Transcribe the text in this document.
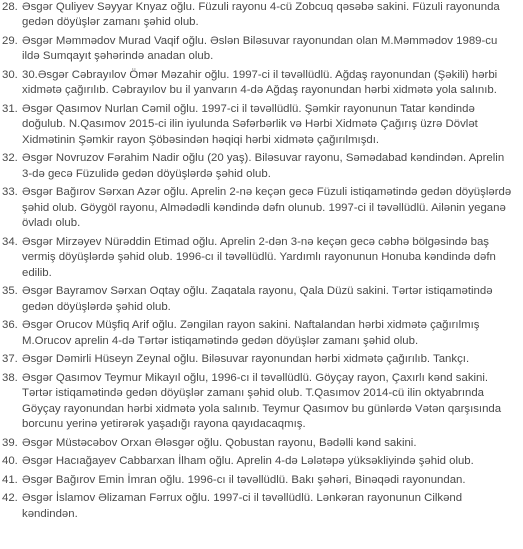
28. Əsgər Quliyev Səyyar Knyaz oğlu. Füzuli rayonu 4-cü Zobcuq qəsəbə sakini. Füzuli rayonunda gedən döyüşlər zamanı şəhid olub.
29. Əsgər Məmmədov Murad Vaqif oğlu. Əslən Biləsuvar rayonundan olan M.Məmmədov 1989-cu ildə Sumqayıt şəhərində anadan olub.
30. 30.Əsgər Cəbrayılov Ömər Məzahir oğlu. 1997-ci il təvəllüdlü. Ağdaş rayonundan (Şəkili) hərbi xidmətə çağırılıb. Cəbrayılov bu il yanvarın 4-də Ağdaş rayonundan hərbi xidmətə yola salınıb.
31. Əsgər Qasımov Nurlan Cəmil oğlu. 1997-ci il təvəllüdlü. Şəmkir rayonunun Tatar kəndində doğulub. N.Qasımov 2015-ci ilin iyulunda Səfərbərlik və Hərbi Xidmətə Çağırış üzrə Dövlət Xidmətinin Şəmkir rayon Şöbəsindən həqiqi hərbi xidmətə çağırılmışdı.
32. Əsgər Novruzov Fərahim Nadir oğlu (20 yaş). Biləsuvar rayonu, Səmədabad kəndindən. Aprelin 3-də gecə Füzulidə gedən döyüşlərdə şəhid olub.
33. Əsgər Bağırov Sərxan Azər oğlu. Aprelin 2-nə keçən gecə Füzuli istiqamətində gedən döyüşlərdə şəhid olub. Göygöl rayonu, Almədədli kəndində dəfn olunub. 1997-ci il təvəllüdlü. Ailənin yeganə övladı olub.
34. Əsgər Mirzəyev Nürəddin Etimad oğlu. Aprelin 2-dən 3-nə keçən gecə cəbhə bölgəsində baş vermiş döyüşlərdə şəhid olub. 1996-cı il təvəllüdlü. Yardımlı rayonunun Honuba kəndində dəfn edilib.
35. Əsgər Bayramov Sərxan Oqtay oğlu. Zaqatala rayonu, Qala Düzü sakini. Tərtər istiqamətində gedən döyüşlərdə şəhid olub.
36. Əsgər Orucov Müşfiq Arif oğlu. Zəngilan rayon sakini. Naftalandan hərbi xidmətə çağırılmış M.Orucov aprelin 4-də Tərtər istiqamətində gedən döyüşlər zamanı şəhid olub.
37. Əsgər Dəmirli Hüseyn Zeynal oğlu. Biləsuvar rayonundan hərbi xidmətə çağırılıb. Tankçı.
38. Əsgər Qasımov Teymur Mikayıl oğlu, 1996-cı il təvəllüdlü. Göyçay rayon, Çaxırlı kənd sakini. Tərtər istiqamətində gedən döyüşlər zamanı şəhid olub. T.Qasımov 2014-cü ilin oktyabrında Göyçay rayonundan hərbi xidmətə yola salınıb. Teymur Qasımov bu günlərdə Vətən qarşısında borcunu yerinə yetirərək yaşadığı rayona qayıdacaqmış.
39. Əsgər Müstəcəbov Orxan Ələsgər oğlu. Qobustan rayonu, Bədəlli kənd sakini.
40. Əsgər Hacıağayev Cabbarxan İlham oğlu. Aprelin 4-də Lələtəpə yüksəkliyində şəhid olub.
41. Əsgər Bağırov Emin İmran oğlu. 1996-cı il təvəllüdlü. Bakı şəhəri, Binəqədi rayonundan.
42. Əsgər İslamov Əlizaman Fərrux oğlu. 1997-ci il təvəllüdlü. Lənkəran rayonunun Cilkənd kəndindən.
